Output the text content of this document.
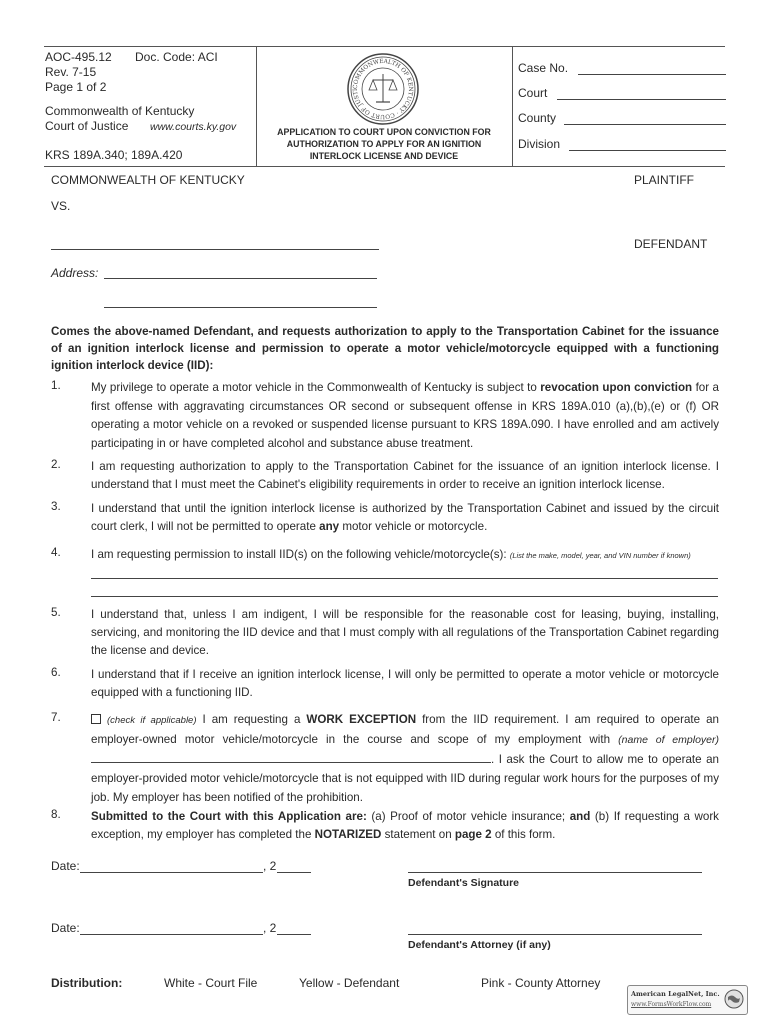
AOC-495.12 Doc. Code: ACI
Rev. 7-15
Page 1 of 2
Commonwealth of Kentucky
Court of Justice www.courts.ky.gov
KRS 189A.340; 189A.420
COMMONWEALTH OF KENTUCKY · COURT OF JUSTI
APPLICATION TO COURT UPON CONVICTION FOR
AUTHORIZATION TO APPLY FOR AN IGNITION
INTERLOCK LICENSE AND DEVICE
Case No.
Court
County
Division
COMMONWEALTH OF KENTUCKY	PLAINTIFF
VS.
DEFENDANT
Address:
Comes the above-named Defendant, and requests authorization to apply to the Transportation Cabinet for the issuance of an ignition interlock license and permission to operate a motor vehicle/motorcycle equipped with a functioning ignition interlock device (IID):
1.	My privilege to operate a motor vehicle in the Commonwealth of Kentucky is subject to revocation upon conviction for a first offense with aggravating circumstances OR second or subsequent offense in KRS 189A.010 (a),(b),(e) or (f) OR operating a motor vehicle on a revoked or suspended license pursuant to KRS 189A.090. I have enrolled and am actively participating in or have completed alcohol and substance abuse treatment.
2.	I am requesting authorization to apply to the Transportation Cabinet for the issuance of an ignition interlock license. I understand that I must meet the Cabinet's eligibility requirements in order to receive an ignition interlock license.
3.	I understand that until the ignition interlock license is authorized by the Transportation Cabinet and issued by the circuit court clerk, I will not be permitted to operate any motor vehicle or motorcycle.
4.	I am requesting permission to install IID(s) on the following vehicle/motorcycle(s): (List the make, model, year, and VIN number if known)
5.	I understand that, unless I am indigent, I will be responsible for the reasonable cost for leasing, buying, installing, servicing, and monitoring the IID device and that I must comply with all regulations of the Transportation Cabinet regarding the license and device.
6.	I understand that if I receive an ignition interlock license, I will only be permitted to operate a motor vehicle or motorcycle equipped with a functioning IID.
7.	(check if applicable) I am requesting a WORK EXCEPTION from the IID requirement. I am required to operate an employer-owned motor vehicle/motorcycle in the course and scope of my employment with (name of employer) . I ask the Court to allow me to operate an employer-provided motor vehicle/motorcycle that is not equipped with IID during regular work hours for the purposes of my job. My employer has been notified of the prohibition.
8.	Submitted to the Court with this Application are: (a) Proof of motor vehicle insurance; and (b) If requesting a work exception, my employer has completed the NOTARIZED statement on page 2 of this form.
Date:	, 2
Defendant's Signature
Date:	, 2
Defendant's Attorney (if any)
Distribution:	White - Court File	Yellow - Defendant	Pink - County Attorney
American LegalNet, Inc.
www.FormsWorkFlow.com
